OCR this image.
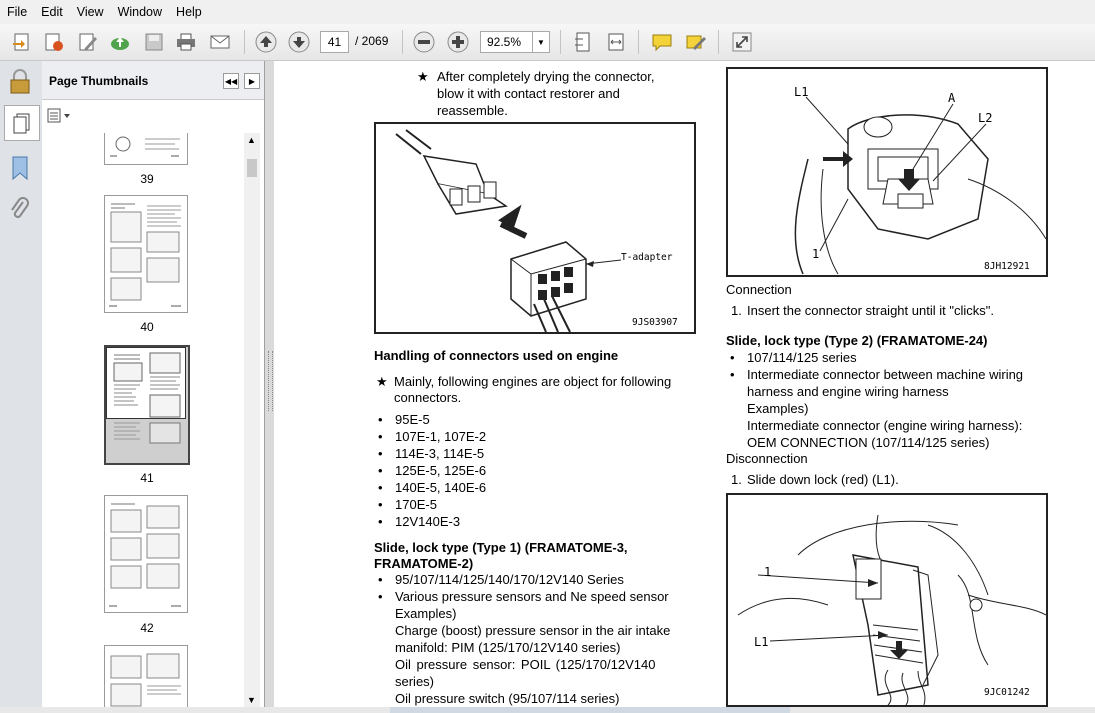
File	Edit	View	Window	Help
41	/ 2069	92.5%	▼
Page Thumbnails	◀◀	▶
39
40
41
42
▲
▼
★ After completely drying the connector,
blow it with contact restorer and
reassemble.
T-adapter
9JS03907
Handling of connectors used on engine
★ Mainly, following engines are object for following
connectors.
• 95E-5
• 107E-1, 107E-2
• 114E-3, 114E-5
• 125E-5, 125E-6
• 140E-5, 140E-6
• 170E-5
• 12V140E-3
Slide, lock type (Type 1) (FRAMATOME-3,
FRAMATOME-2)
• 95/107/114/125/140/170/12V140 Series
• Various pressure sensors and Ne speed sensor
Examples)
Charge (boost) pressure sensor in the air intake
manifold: PIM (125/170/12V140 series)
Oil pressure sensor: POIL (125/170/12V140
series)
Oil pressure switch (95/107/114 series)
L1	A
L2
1
8JH12921
Connection
1. Insert the connector straight until it "clicks".
Slide, lock type (Type 2) (FRAMATOME-24)
• 107/114/125 series
• Intermediate connector between machine wiring
harness and engine wiring harness
Examples)
Intermediate connector (engine wiring harness):
OEM CONNECTION (107/114/125 series)
Disconnection
1. Slide down lock (red) (L1).
1
L1
9JC01242
